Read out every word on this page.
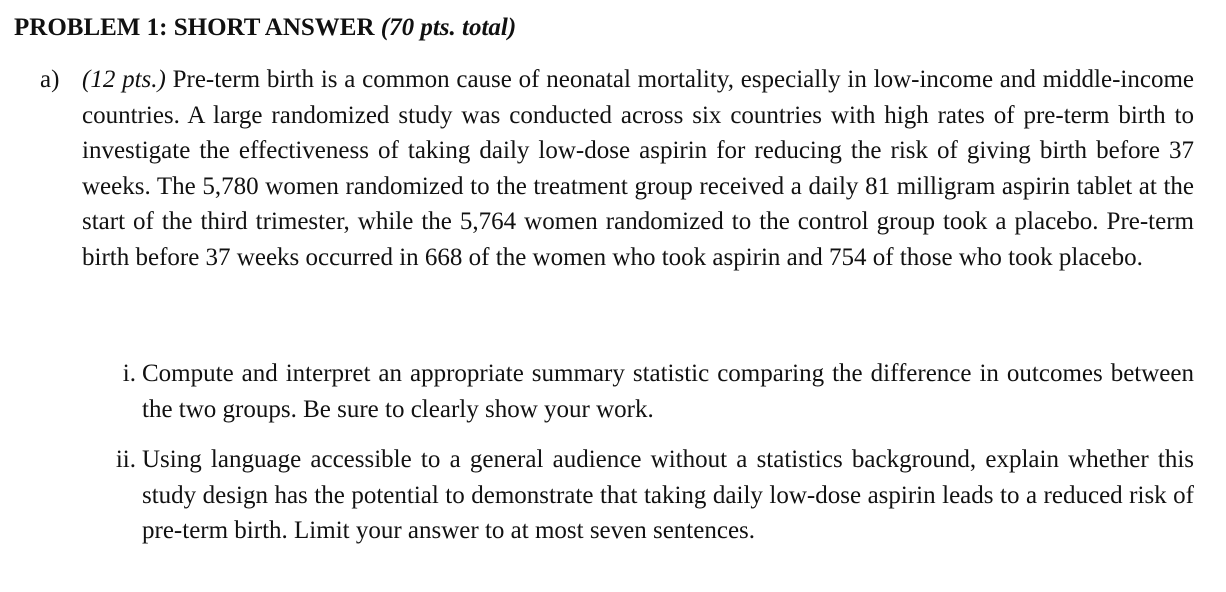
PROBLEM 1: SHORT ANSWER (70 pts. total)
a) (12 pts.) Pre-term birth is a common cause of neonatal mortality, especially in low-income and middle-income countries. A large randomized study was conducted across six countries with high rates of pre-term birth to investigate the effectiveness of taking daily low-dose aspirin for reducing the risk of giving birth before 37 weeks. The 5,780 women randomized to the treatment group received a daily 81 milligram aspirin tablet at the start of the third trimester, while the 5,764 women randomized to the control group took a placebo. Pre-term birth before 37 weeks occurred in 668 of the women who took aspirin and 754 of those who took placebo.
i. Compute and interpret an appropriate summary statistic comparing the difference in outcomes between the two groups. Be sure to clearly show your work.
ii. Using language accessible to a general audience without a statistics background, explain whether this study design has the potential to demonstrate that taking daily low-dose aspirin leads to a reduced risk of pre-term birth. Limit your answer to at most seven sentences.
